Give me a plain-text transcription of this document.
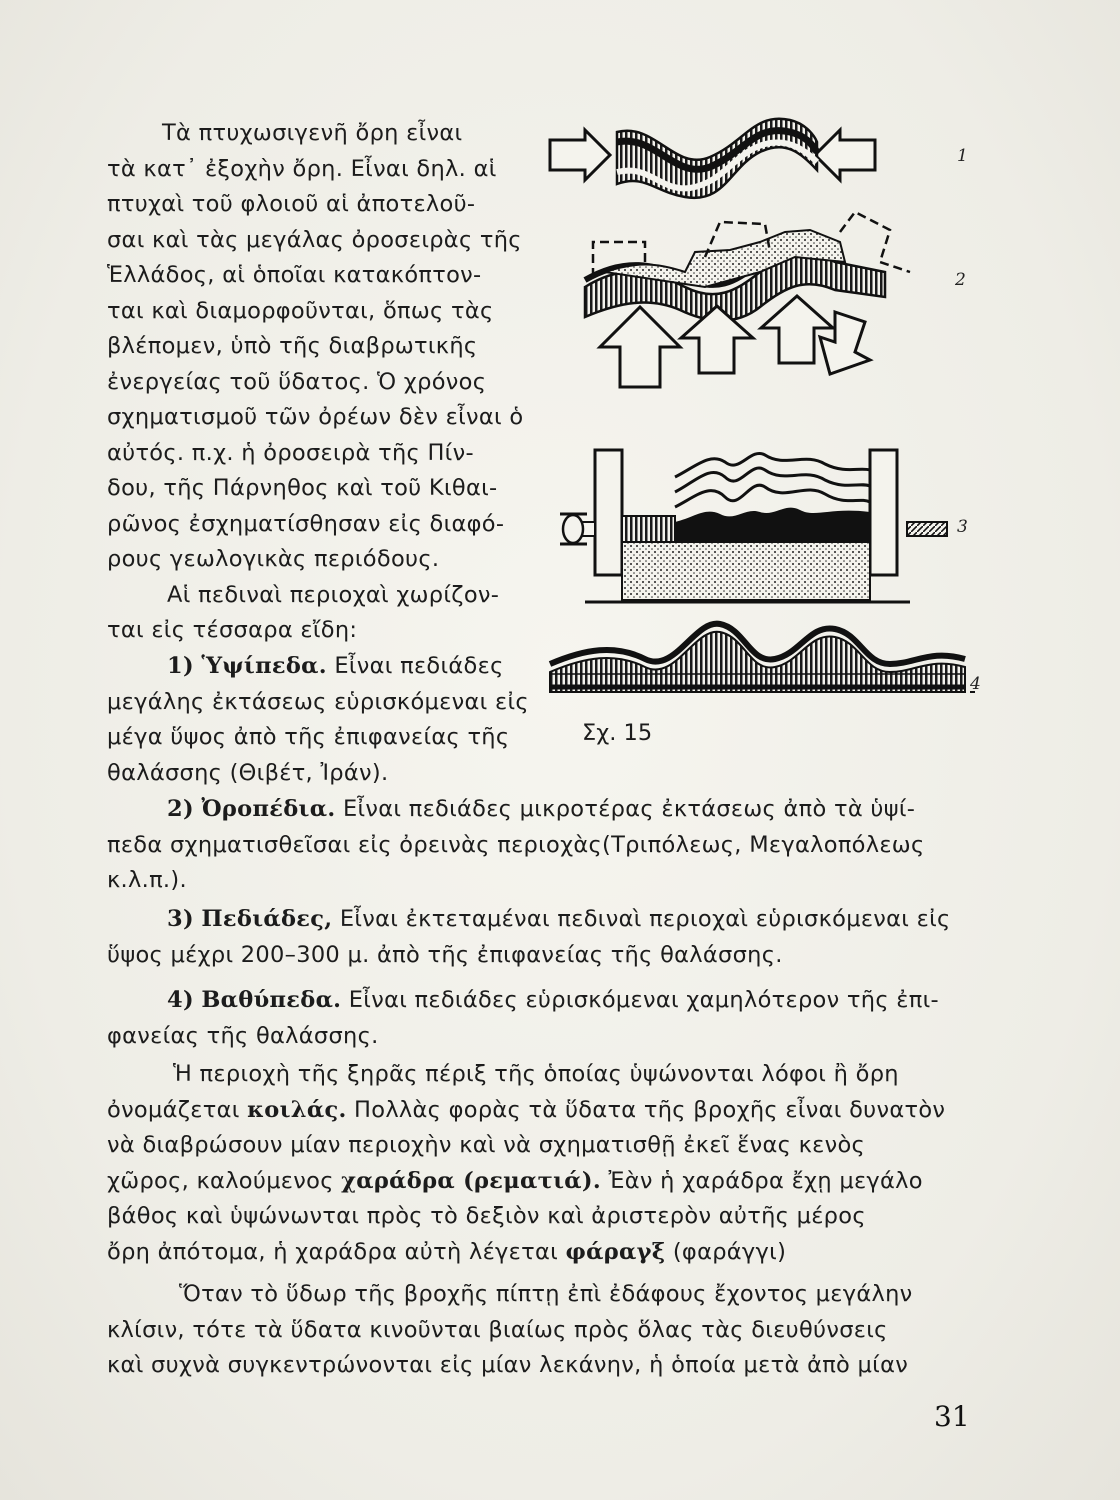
Τὰ πτυχωσιγενῆ ὄρη εἶναι
τὰ κατ᾽ ἐξοχὴν ὄρη. Εἶναι δηλ. αἱ
πτυχαὶ τοῦ φλοιοῦ αἱ ἀποτελοῦ-
σαι καὶ τὰς μεγάλας ὀροσειρὰς τῆς
Ἑλλάδος, αἱ ὁποῖαι κατακόπτον-
ται καὶ διαμορφοῦνται, ὅπως τὰς
βλέπομεν, ὑπὸ τῆς διαβρωτικῆς
ἐνεργείας τοῦ ὕδατος. Ὁ χρόνος
σχηματισμοῦ τῶν ὀρέων δὲν εἶναι ὁ
αὐτός. π.χ. ἡ ὀροσειρὰ τῆς Πίν-
δου, τῆς Πάρνηθος καὶ τοῦ Κιθαι-
ρῶνος ἐσχηματίσθησαν εἰς διαφό-
ρους γεωλογικὰς περιόδους.
Αἱ πεδιναὶ περιοχαὶ χωρίζον-
ται εἰς τέσσαρα εἴδη:
1) Ὑψίπεδα. Εἶναι πεδιάδες
μεγάλης ἐκτάσεως εὑρισκόμεναι εἰς
μέγα ὕψος ἀπὸ τῆς ἐπιφανείας τῆς
θαλάσσης (Θιβέτ, Ἰράν).
1
2
3
4
Σχ. 15
2) Ὀροπέδια. Εἶναι πεδιάδες μικροτέρας ἐκτάσεως ἀπὸ τὰ ὑψί-
πεδα σχηματισθεῖσαι εἰς ὀρεινὰς περιοχὰς(Τριπόλεως, Μεγαλοπόλεως
κ.λ.π.).
3) Πεδιάδες, Εἶναι ἐκτεταμέναι πεδιναὶ περιοχαὶ εὑρισκόμεναι εἰς
ὕψος μέχρι 200–300 μ. ἀπὸ τῆς ἐπιφανείας τῆς θαλάσσης.
4) Βαθύπεδα. Εἶναι πεδιάδες εὑρισκόμεναι χαμηλότερον τῆς ἐπι-
φανείας τῆς θαλάσσης.
Ἡ περιοχὴ τῆς ξηρᾶς πέριξ τῆς ὁποίας ὑψώνονται λόφοι ἢ ὄρη
ὀνομάζεται κοιλάς. Πολλὰς φορὰς τὰ ὕδατα τῆς βροχῆς εἶναι δυνατὸν
νὰ διαβρώσουν μίαν περιοχὴν καὶ νὰ σχηματισθῇ ἐκεῖ ἕνας κενὸς
χῶρος, καλούμενος χαράδρα (ρεματιά). Ἐὰν ἡ χαράδρα ἔχῃ μεγάλο
βάθος καὶ ὑψώνωνται πρὸς τὸ δεξιὸν καὶ ἀριστερὸν αὐτῆς μέρος
ὄρη ἀπότομα, ἡ χαράδρα αὐτὴ λέγεται φάραγξ (φαράγγι)
Ὅταν τὸ ὕδωρ τῆς βροχῆς πίπτῃ ἐπὶ ἐδάφους ἔχοντος μεγάλην
κλίσιν, τότε τὰ ὕδατα κινοῦνται βιαίως πρὸς ὅλας τὰς διευθύνσεις
καὶ συχνὰ συγκεντρώνονται εἰς μίαν λεκάνην, ἡ ὁποία μετὰ ἀπὸ μίαν
31
